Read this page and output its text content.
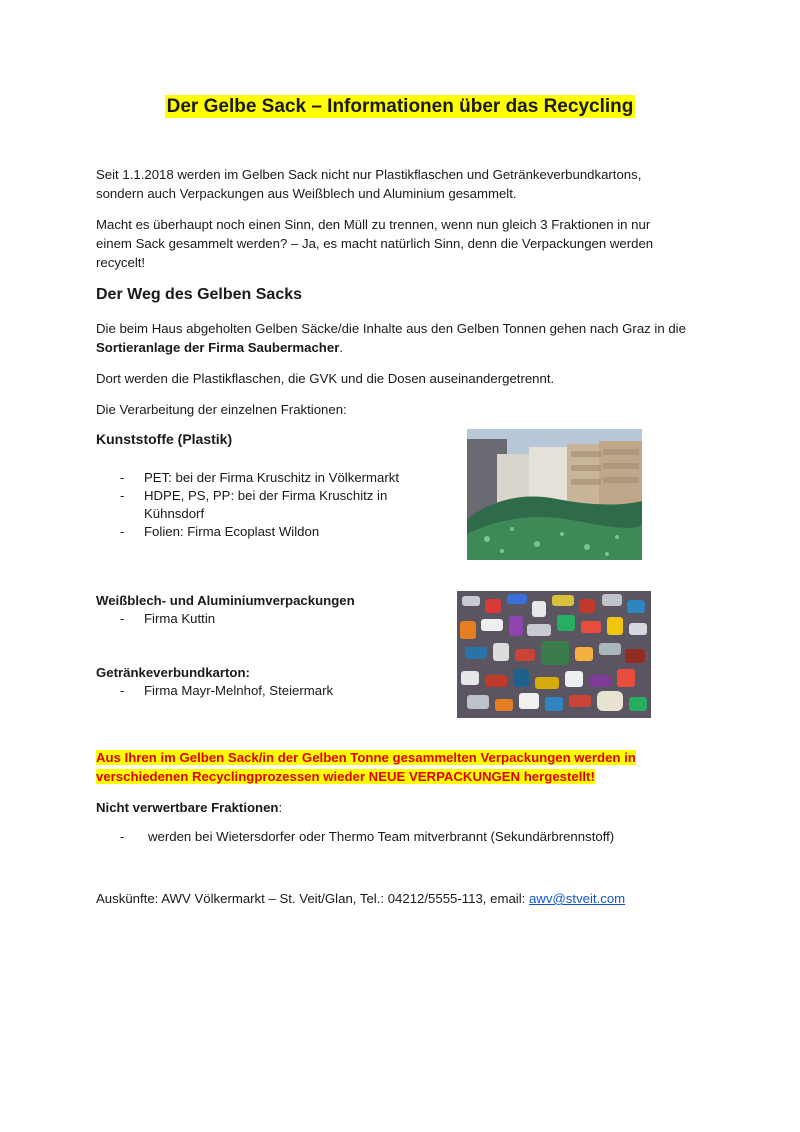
Der Gelbe Sack – Informationen über das Recycling

Seit 1.1.2018 werden im Gelben Sack nicht nur Plastikflaschen und Getränkeverbundkartons,
sondern auch Verpackungen aus Weißblech und Aluminium gesammelt.

Macht es überhaupt noch einen Sinn, den Müll zu trennen, wenn nun gleich 3 Fraktionen in nur
einem Sack gesammelt werden? – Ja, es macht natürlich Sinn, denn die Verpackungen werden
recycelt!

Der Weg des Gelben Sacks

Die beim Haus abgeholten Gelben Säcke/die Inhalte aus den Gelben Tonnen gehen nach Graz in die
Sortieranlage der Firma Saubermacher.

Dort werden die Plastikflaschen, die GVK und die Dosen auseinandergetrennt.

Die Verarbeitung der einzelnen Fraktionen:

Kunststoffe (Plastik)
- PET: bei der Firma Kruschitz in Völkermarkt
- HDPE, PS, PP: bei der Firma Kruschitz in
Kühnsdorf
- Folien: Firma Ecoplast Wildon
Weißblech- und Aluminiumverpackungen
- Firma Kuttin
Getränkeverbundkarton:
- Firma Mayr-Melnhof, Steiermark

Aus Ihren im Gelben Sack/in der Gelben Tonne gesammelten Verpackungen werden in
verschiedenen Recyclingprozessen wieder NEUE VERPACKUNGEN hergestellt!

Nicht verwertbare Fraktionen:

- werden bei Wietersdorfer oder Thermo Team mitverbrannt (Sekundärbrennstoff)

Auskünfte: AWV Völkermarkt – St. Veit/Glan, Tel.: 04212/5555-113, email: awv@stveit.com
